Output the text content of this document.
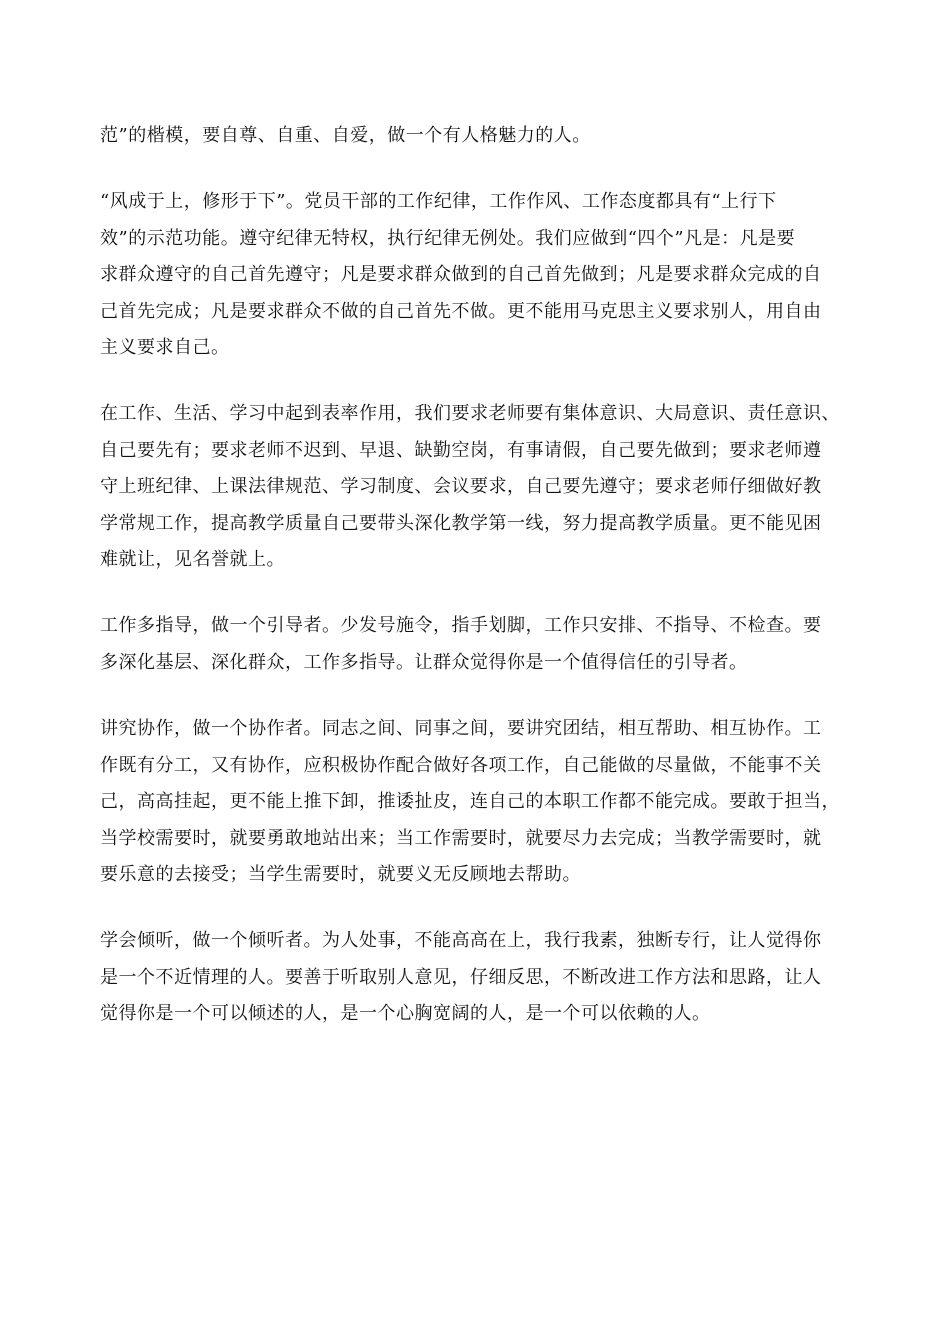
范”的楷模，要自尊、自重、自爱，做一个有人格魅力的人。

“风成于上，修形于下”。党员干部的工作纪律，工作作风、工作态度都具有“上行下
效”的示范功能。遵守纪律无特权，执行纪律无例处。我们应做到“四个”凡是：凡是要
求群众遵守的自己首先遵守；凡是要求群众做到的自己首先做到；凡是要求群众完成的自
己首先完成；凡是要求群众不做的自己首先不做。更不能用马克思主义要求别人，用自由
主义要求自己。

在工作、生活、学习中起到表率作用，我们要求老师要有集体意识、大局意识、责任意识、
自己要先有；要求老师不迟到、早退、缺勤空岗，有事请假，自己要先做到；要求老师遵
守上班纪律、上课法律规范、学习制度、会议要求，自己要先遵守；要求老师仔细做好教
学常规工作，提高教学质量自己要带头深化教学第一线，努力提高教学质量。更不能见困
难就让，见名誉就上。

工作多指导，做一个引导者。少发号施令，指手划脚，工作只安排、不指导、不检查。要
多深化基层、深化群众，工作多指导。让群众觉得你是一个值得信任的引导者。

讲究协作，做一个协作者。同志之间、同事之间，要讲究团结，相互帮助、相互协作。工
作既有分工，又有协作，应积极协作配合做好各项工作，自己能做的尽量做，不能事不关
己，高高挂起，更不能上推下卸，推诿扯皮，连自己的本职工作都不能完成。要敢于担当，
当学校需要时，就要勇敢地站出来；当工作需要时，就要尽力去完成；当教学需要时，就
要乐意的去接受；当学生需要时，就要义无反顾地去帮助。

学会倾听，做一个倾听者。为人处事，不能高高在上，我行我素，独断专行，让人觉得你
是一个不近情理的人。要善于听取别人意见，仔细反思，不断改进工作方法和思路，让人
觉得你是一个可以倾述的人，是一个心胸宽阔的人，是一个可以依赖的人。
